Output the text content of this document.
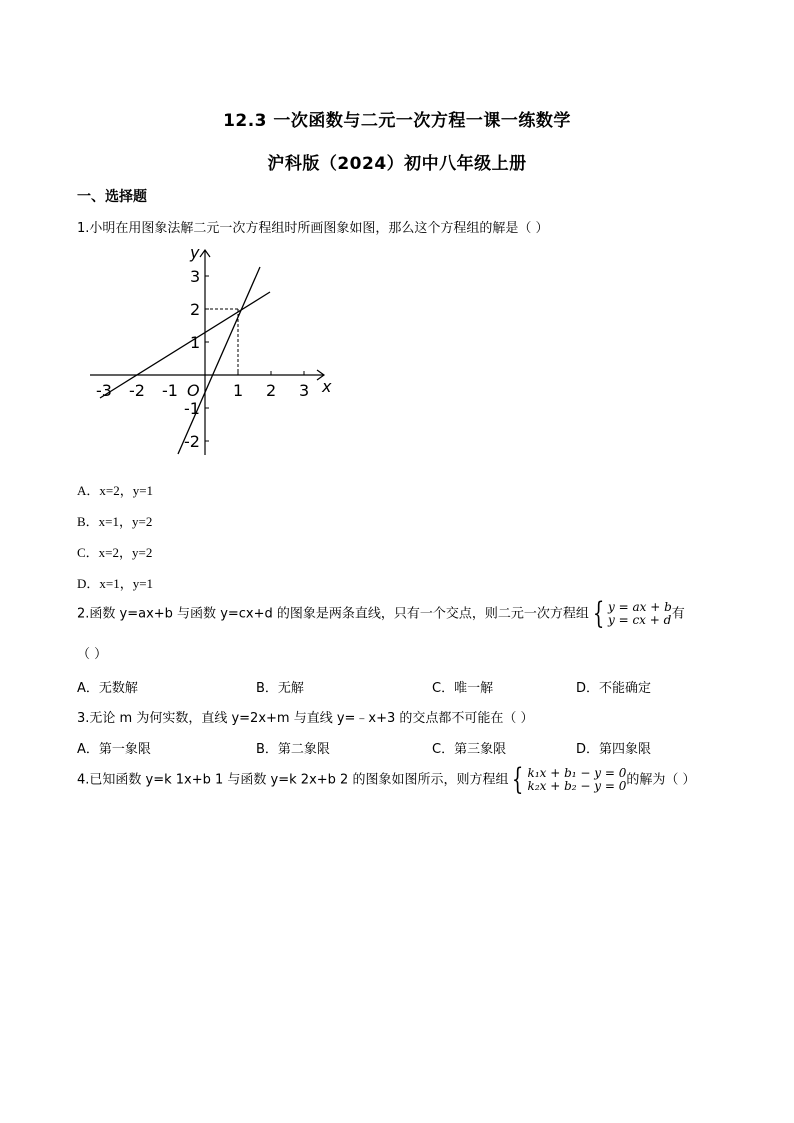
12.3 一次函数与二元一次方程一课一练数学
沪科版（2024）初中八年级上册
一、选择题
1.小明在用图象法解二元一次方程组时所画图象如图，那么这个方程组的解是（ ）
x
y
-3 -2 -1	1 2 3
O
3
2
1
-1
-2
A．x=2，y=1
B．x=1，y=2
C．x=2，y=2
D．x=1，y=1
2.函数 y=ax+b 与函数 y=cx+d 的图象是两条直线，只有一个交点，则二元一次方程组 { y = ax + b
y = cx + d 有
（ ）
A．无数解	B．无解	C．唯一解	D．不能确定
3.无论 m 为何实数，直线 y=2x+m 与直线 y=﹣x+3 的交点都不可能在（ ）
A．第一象限	B．第二象限	C．第三象限	D．第四象限
4.已知函数 y=k 1x+b 1 与函数 y=k 2x+b 2 的图象如图所示，则方程组 { k₁x + b₁ − y = 0
k₂x + b₂ − y = 0 的解为（ ）
